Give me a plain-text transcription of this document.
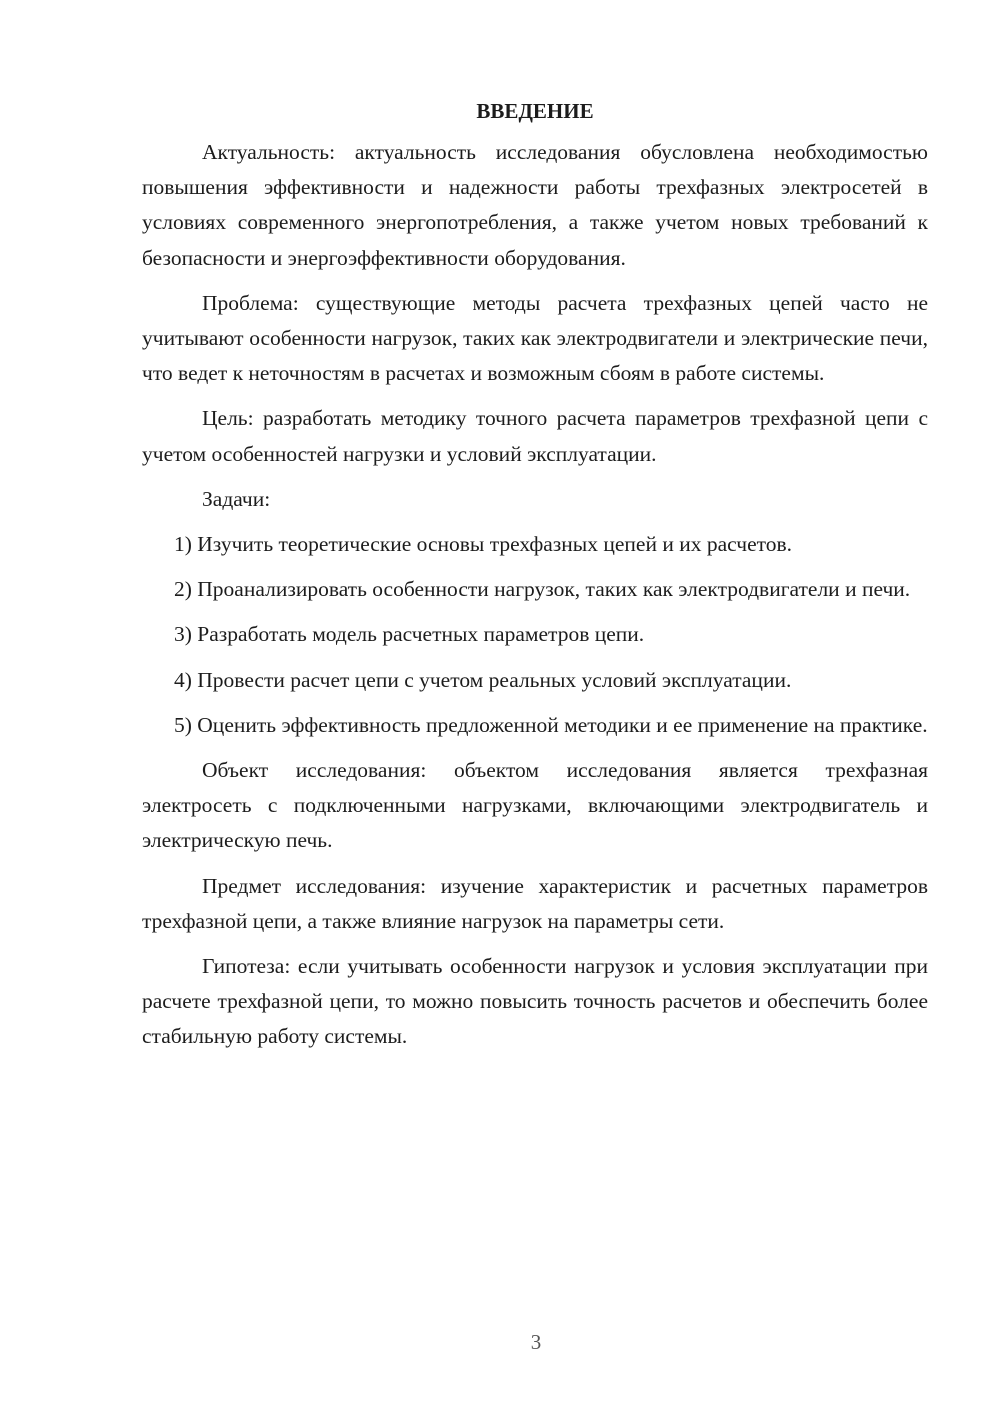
ВВЕДЕНИЕ

Актуальность: актуальность исследования обусловлена необходимостью повышения эффективности и надежности работы трехфазных электросетей в условиях современного энергопотребления, а также учетом новых требований к безопасности и энергоэффективности оборудования.

Проблема: существующие методы расчета трехфазных цепей часто не учитывают особенности нагрузок, таких как электродвигатели и электрические печи, что ведет к неточностям в расчетах и возможным сбоям в работе системы.

Цель: разработать методику точного расчета параметров трехфазной цепи с учетом особенностей нагрузки и условий эксплуатации.

Задачи:

1) Изучить теоретические основы трехфазных цепей и их расчетов.

2) Проанализировать особенности нагрузок, таких как электродвигатели и печи.

3) Разработать модель расчетных параметров цепи.

4) Провести расчет цепи с учетом реальных условий эксплуатации.

5) Оценить эффективность предложенной методики и ее применение на практике.

Объект исследования: объектом исследования является трехфазная электросеть с подключенными нагрузками, включающими электродвигатель и электрическую печь.

Предмет исследования: изучение характеристик и расчетных параметров трехфазной цепи, а также влияние нагрузок на параметры сети.

Гипотеза: если учитывать особенности нагрузок и условия эксплуатации при расчете трехфазной цепи, то можно повысить точность расчетов и обеспечить более стабильную работу системы.

3
